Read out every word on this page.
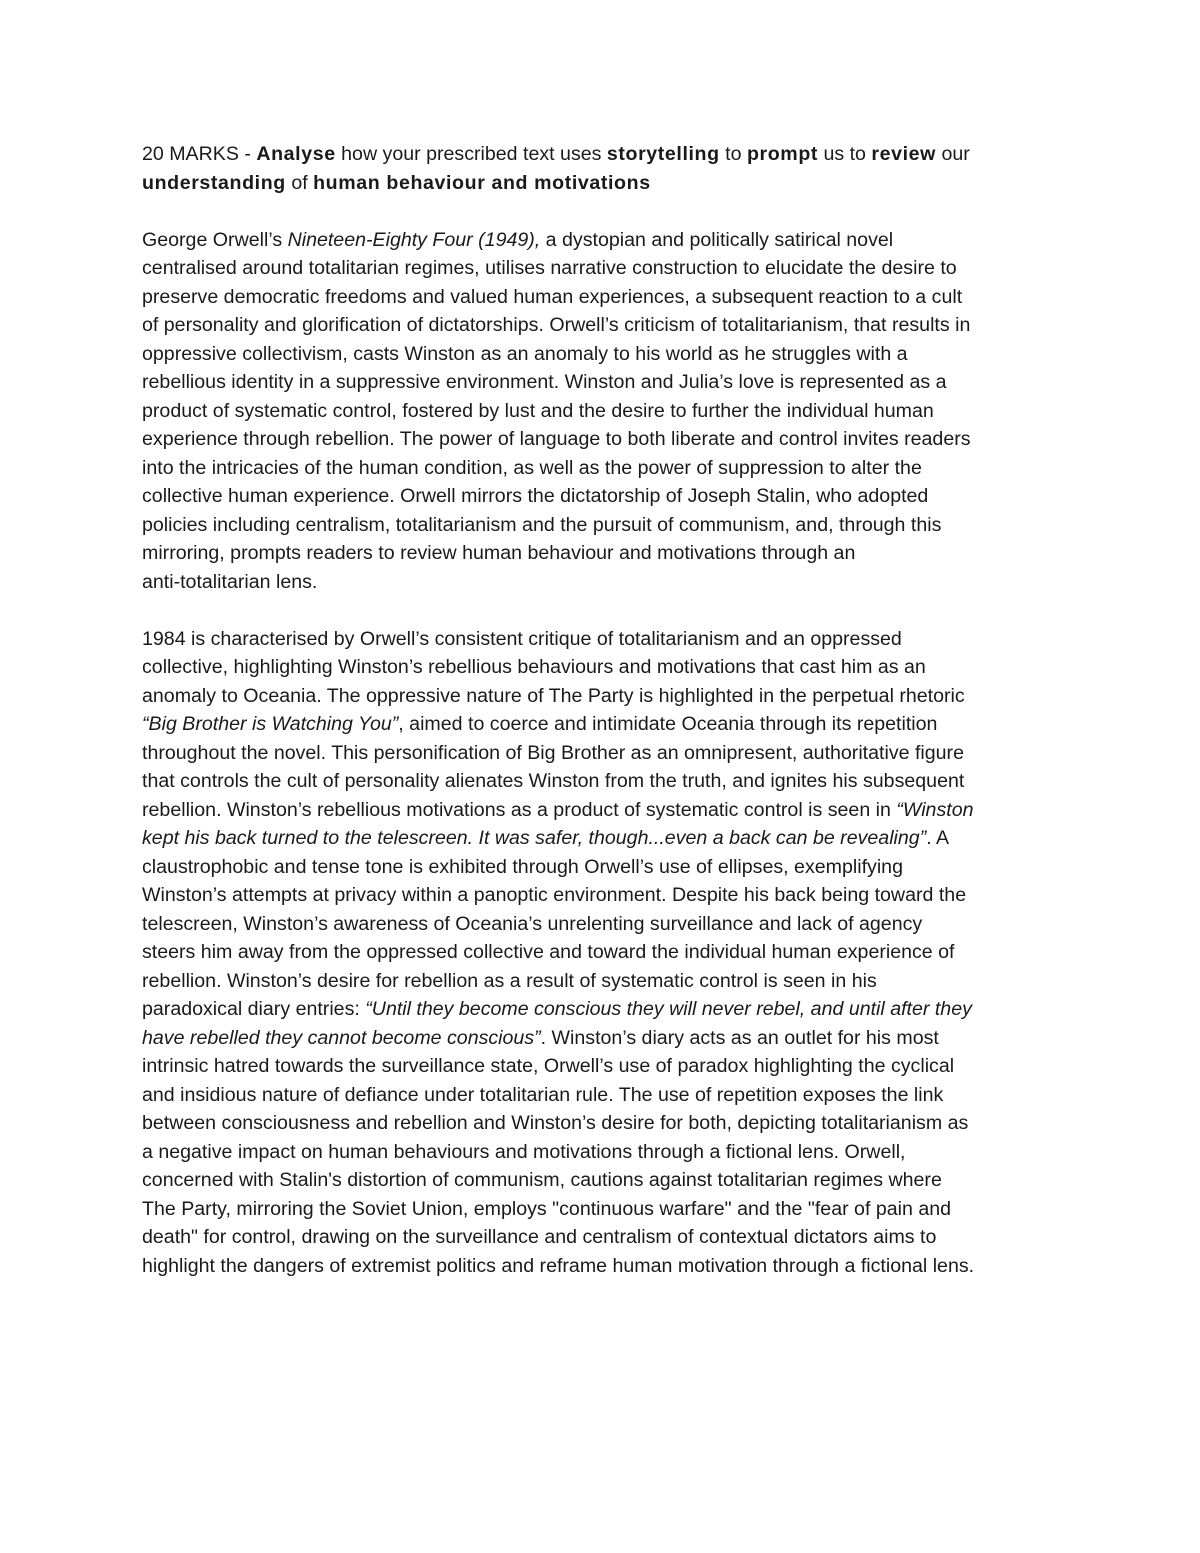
20 MARKS - Analyse how your prescribed text uses storytelling to prompt us to review our
understanding of human behaviour and motivations

George Orwell’s Nineteen-Eighty Four (1949), a dystopian and politically satirical novel
centralised around totalitarian regimes, utilises narrative construction to elucidate the desire to
preserve democratic freedoms and valued human experiences, a subsequent reaction to a cult
of personality and glorification of dictatorships. Orwell’s criticism of totalitarianism, that results in
oppressive collectivism, casts Winston as an anomaly to his world as he struggles with a
rebellious identity in a suppressive environment. Winston and Julia’s love is represented as a
product of systematic control, fostered by lust and the desire to further the individual human
experience through rebellion. The power of language to both liberate and control invites readers
into the intricacies of the human condition, as well as the power of suppression to alter the
collective human experience. Orwell mirrors the dictatorship of Joseph Stalin, who adopted
policies including centralism, totalitarianism and the pursuit of communism, and, through this
mirroring, prompts readers to review human behaviour and motivations through an
anti-totalitarian lens.

1984 is characterised by Orwell’s consistent critique of totalitarianism and an oppressed
collective, highlighting Winston’s rebellious behaviours and motivations that cast him as an
anomaly to Oceania. The oppressive nature of The Party is highlighted in the perpetual rhetoric
“Big Brother is Watching You”, aimed to coerce and intimidate Oceania through its repetition
throughout the novel. This personification of Big Brother as an omnipresent, authoritative figure
that controls the cult of personality alienates Winston from the truth, and ignites his subsequent
rebellion. Winston’s rebellious motivations as a product of systematic control is seen in “Winston
kept his back turned to the telescreen. It was safer, though...even a back can be revealing”. A
claustrophobic and tense tone is exhibited through Orwell’s use of ellipses, exemplifying
Winston’s attempts at privacy within a panoptic environment. Despite his back being toward the
telescreen, Winston’s awareness of Oceania’s unrelenting surveillance and lack of agency
steers him away from the oppressed collective and toward the individual human experience of
rebellion. Winston’s desire for rebellion as a result of systematic control is seen in his
paradoxical diary entries: “Until they become conscious they will never rebel, and until after they
have rebelled they cannot become conscious”. Winston’s diary acts as an outlet for his most
intrinsic hatred towards the surveillance state, Orwell’s use of paradox highlighting the cyclical
and insidious nature of defiance under totalitarian rule. The use of repetition exposes the link
between consciousness and rebellion and Winston’s desire for both, depicting totalitarianism as
a negative impact on human behaviours and motivations through a fictional lens. Orwell,
concerned with Stalin's distortion of communism, cautions against totalitarian regimes where
The Party, mirroring the Soviet Union, employs "continuous warfare" and the "fear of pain and
death" for control, drawing on the surveillance and centralism of contextual dictators aims to
highlight the dangers of extremist politics and reframe human motivation through a fictional lens.
